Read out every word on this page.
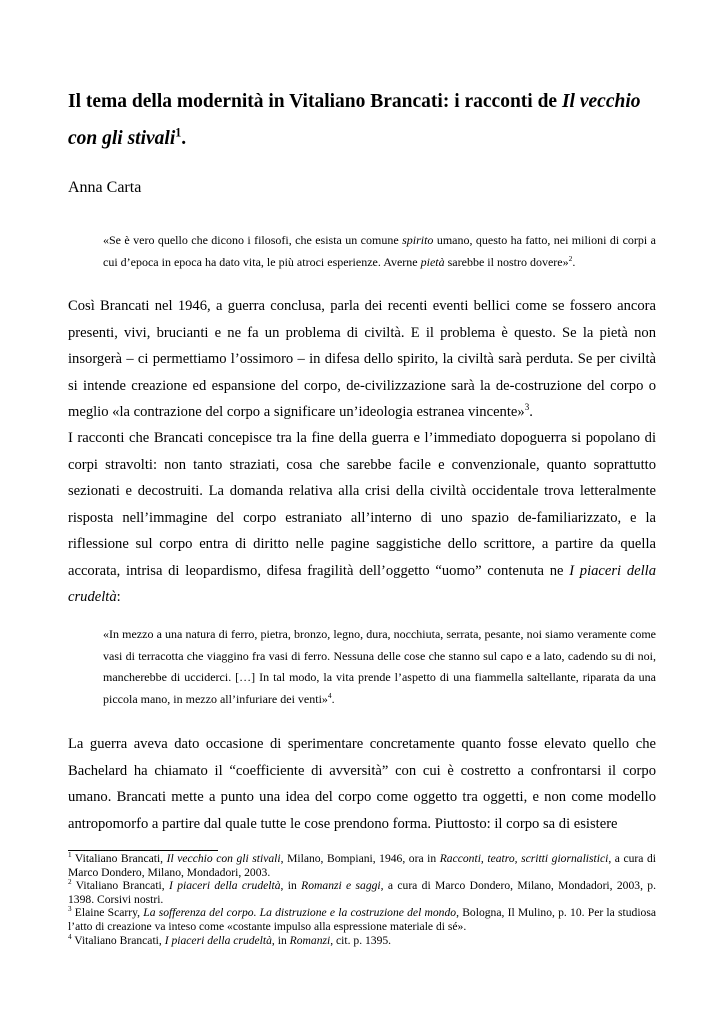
Il tema della modernità in Vitaliano Brancati: i racconti de Il vecchio con gli stivali$^1$.

Anna Carta

«Se è vero quello che dicono i filosofi, che esista un comune spirito umano, questo ha fatto, nei milioni di corpi a cui d’epoca in epoca ha dato vita, le più atroci esperienze. Averne pietà sarebbe il nostro dovere»$^2$.

Così Brancati nel 1946, a guerra conclusa, parla dei recenti eventi bellici come se fossero ancora presenti, vivi, brucianti e ne fa un problema di civiltà. E il problema è questo. Se la pietà non insorgerà – ci permettiamo l’ossimoro – in difesa dello spirito, la civiltà sarà perduta. Se per civiltà si intende creazione ed espansione del corpo, de-civilizzazione sarà la de-costruzione del corpo o meglio «la contrazione del corpo a significare un’ideologia estranea vincente»$^3$.

I racconti che Brancati concepisce tra la fine della guerra e l’immediato dopoguerra si popolano di corpi stravolti: non tanto straziati, cosa che sarebbe facile e convenzionale, quanto soprattutto sezionati e decostruiti. La domanda relativa alla crisi della civiltà occidentale trova letteralmente risposta nell’immagine del corpo estraniato all’interno di uno spazio de-familiarizzato, e la riflessione sul corpo entra di diritto nelle pagine saggistiche dello scrittore, a partire da quella accorata, intrisa di leopardismo, difesa fragilità dell’oggetto “uomo” contenuta ne I piaceri della crudeltà:

«In mezzo a una natura di ferro, pietra, bronzo, legno, dura, nocchiuta, serrata, pesante, noi siamo veramente come vasi di terracotta che viaggino fra vasi di ferro. Nessuna delle cose che stanno sul capo e a lato, cadendo su di noi, mancherebbe di ucciderci. […] In tal modo, la vita prende l’aspetto di una fiammella saltellante, riparata da una piccola mano, in mezzo all’infuriare dei venti»$^4$.

La guerra aveva dato occasione di sperimentare concretamente quanto fosse elevato quello che Bachelard ha chiamato il “coefficiente di avversità” con cui è costretto a confrontarsi il corpo umano. Brancati mette a punto una idea del corpo come oggetto tra oggetti, e non come modello antropomorfo a partire dal quale tutte le cose prendono forma. Piuttosto: il corpo sa di esistere

$^1$ Vitaliano Brancati, Il vecchio con gli stivali, Milano, Bompiani, 1946, ora in Racconti, teatro, scritti giornalistici, a cura di Marco Dondero, Milano, Mondadori, 2003.

$^2$ Vitaliano Brancati, I piaceri della crudeltà, in Romanzi e saggi, a cura di Marco Dondero, Milano, Mondadori, 2003, p. 1398. Corsivi nostri.

$^3$ Elaine Scarry, La sofferenza del corpo. La distruzione e la costruzione del mondo, Bologna, Il Mulino, p. 10. Per la studiosa l’atto di creazione va inteso come «costante impulso alla espressione materiale di sé».

$^4$ Vitaliano Brancati, I piaceri della crudeltà, in Romanzi, cit. p. 1395.
